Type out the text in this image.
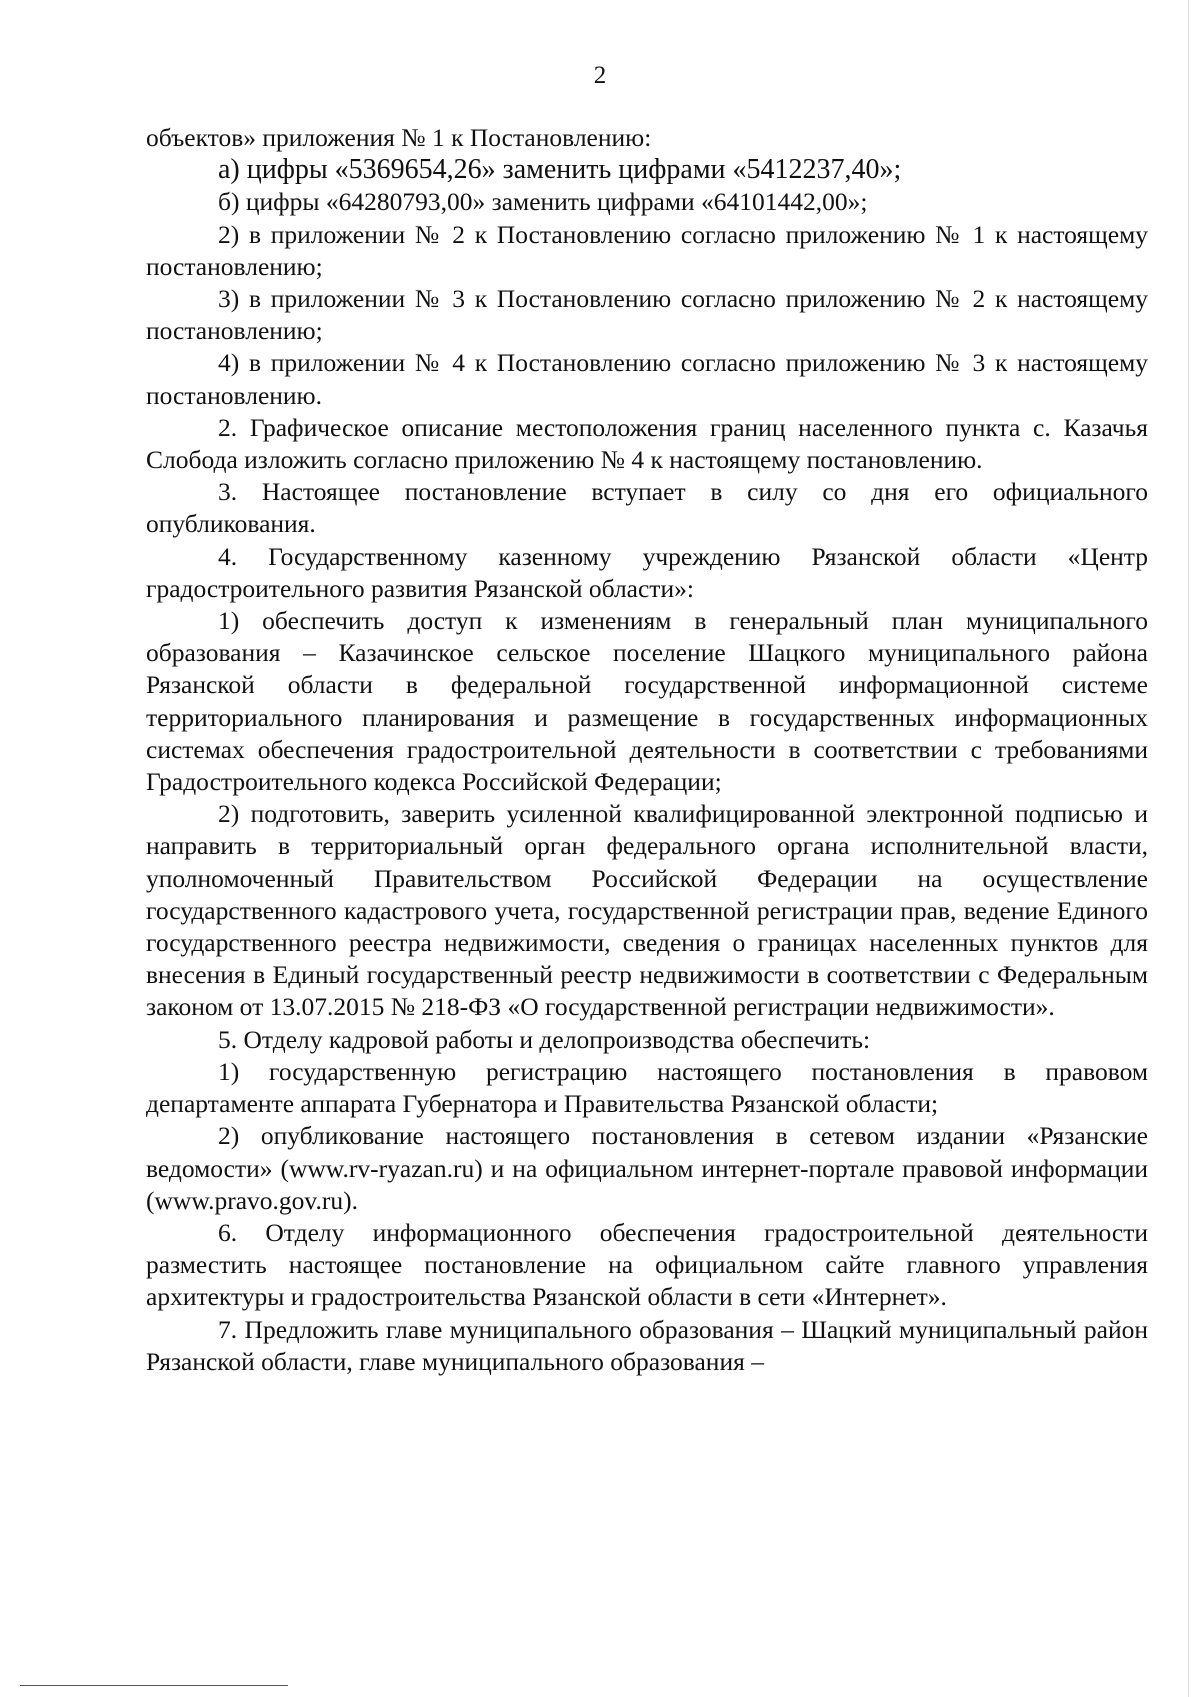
2

объектов» приложения № 1 к Постановлению:

а) цифры «5369654,26» заменить цифрами «5412237,40»;

б) цифры «64280793,00» заменить цифрами «64101442,00»;

2) в приложении № 2 к Постановлению согласно приложению № 1 к настоящему постановлению;

3) в приложении № 3 к Постановлению согласно приложению № 2 к настоящему постановлению;

4) в приложении № 4 к Постановлению согласно приложению № 3 к настоящему постановлению.

2. Графическое описание местоположения границ населенного пункта с. Казачья Слобода изложить согласно приложению № 4 к настоящему постановлению.

3. Настоящее постановление вступает в силу со дня его официального опубликования.

4. Государственному казенному учреждению Рязанской области «Центр градостроительного развития Рязанской области»:

1) обеспечить доступ к изменениям в генеральный план муниципального образования – Казачинское сельское поселение Шацкого муниципального района Рязанской области в федеральной государственной информационной системе территориального планирования и размещение в государственных информационных системах обеспечения градостроительной деятельности в соответствии с требованиями Градостроительного кодекса Российской Федерации;

2) подготовить, заверить усиленной квалифицированной электронной подписью и направить в территориальный орган федерального органа исполнительной власти, уполномоченный Правительством Российской Федерации на осуществление государственного кадастрового учета, государственной регистрации прав, ведение Единого государственного реестра недвижимости, сведения о границах населенных пунктов для внесения в Единый государственный реестр недвижимости в соответствии с Федеральным законом от 13.07.2015 № 218-ФЗ «О государственной регистрации недвижимости».

5. Отделу кадровой работы и делопроизводства обеспечить:

1) государственную регистрацию настоящего постановления в правовом департаменте аппарата Губернатора и Правительства Рязанской области;

2) опубликование настоящего постановления в сетевом издании «Рязанские ведомости» (www.rv-ryazan.ru) и на официальном интернет-портале правовой информации (www.pravo.gov.ru).

6. Отделу информационного обеспечения градостроительной деятельности разместить настоящее постановление на официальном сайте главного управления архитектуры и градостроительства Рязанской области в сети «Интернет».

7. Предложить главе муниципального образования – Шацкий муниципальный район Рязанской области, главе муниципального образования –
